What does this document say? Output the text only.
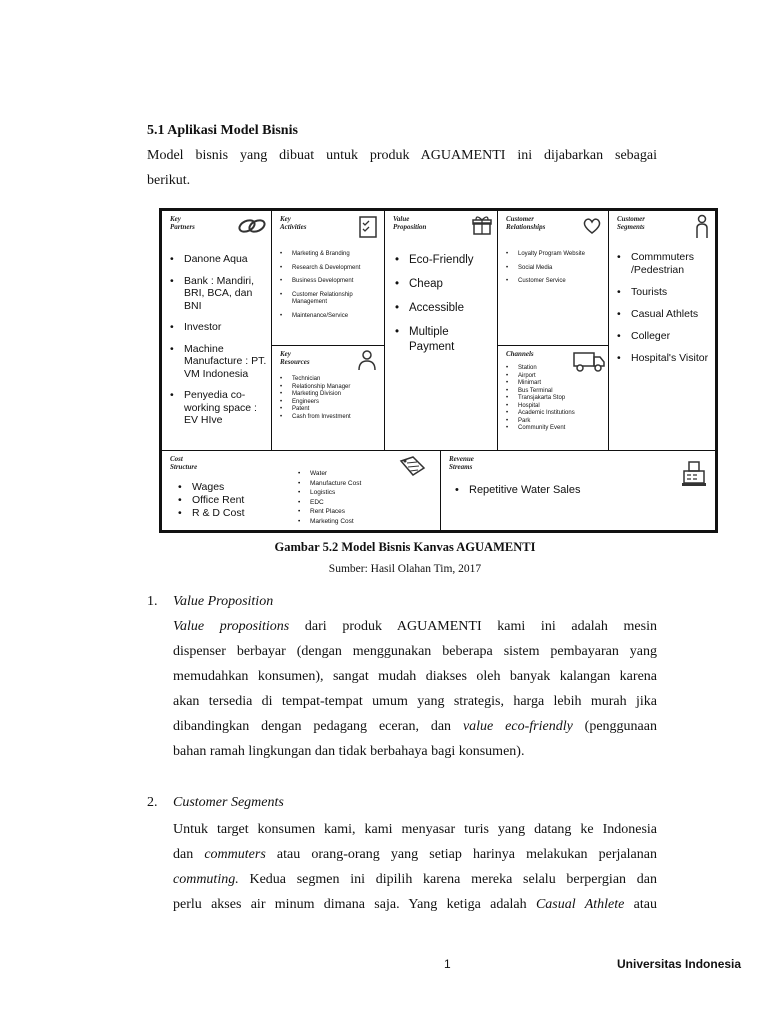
5.1 Aplikasi Model Bisnis
Model bisnis yang dibuat untuk produk AGUAMENTI ini dijabarkan sebagai
berikut.
Key
Partners
• Danone Aqua
• Bank : Mandiri, BRI, BCA, dan BNI
• Investor
• Machine Manufacture : PT. VM Indonesia
• Penyedia co-working space : EV HIve
Key
Activities
• Marketing & Branding
• Research & Development
• Business Development
• Customer Relationship Management
• Maintenance/Service
Key
Resources
• Technician
• Relationship Manager
• Marketing Division
• Engineers
• Patent
• Cash from Investment
Value
Proposition
• Eco-Friendly
• Cheap
• Accessible
• Multiple Payment
Customer
Relationships
• Loyalty Program Website
• Social Media
• Customer Service
Channels
• Station
• Airport
• Minimart
• Bus Terminal
• Transjakarta Stop
• Hospital
• Academic Institutions
• Park
• Community Event
Customer
Segments
• Commmuters /Pedestrian
• Tourists
• Casual Athlets
• Colleger
• Hospital's Visitor
Cost
Structure
• Wages
• Office Rent
• R & D Cost
• Water
• Manufacture Cost
• Logistics
• EDC
• Rent Places
• Marketing Cost
Revenue
Streams
• Repetitive Water Sales
Gambar 5.2 Model Bisnis Kanvas AGUAMENTI
Sumber: Hasil Olahan Tim, 2017
1. Value Proposition
Value propositions dari produk AGUAMENTI kami ini adalah mesin
dispenser berbayar (dengan menggunakan beberapa sistem pembayaran yang
memudahkan konsumen), sangat mudah diakses oleh banyak kalangan karena
akan tersedia di tempat-tempat umum yang strategis, harga lebih murah jika
dibandingkan dengan pedagang eceran, dan value eco-friendly (penggunaan
bahan ramah lingkungan dan tidak berbahaya bagi konsumen).
2. Customer Segments
Untuk target konsumen kami, kami menyasar turis yang datang ke Indonesia
dan commuters atau orang-orang yang setiap harinya melakukan perjalanan
commuting. Kedua segmen ini dipilih karena mereka selalu berpergian dan
perlu akses air minum dimana saja. Yang ketiga adalah Casual Athlete atau
1	Universitas Indonesia
